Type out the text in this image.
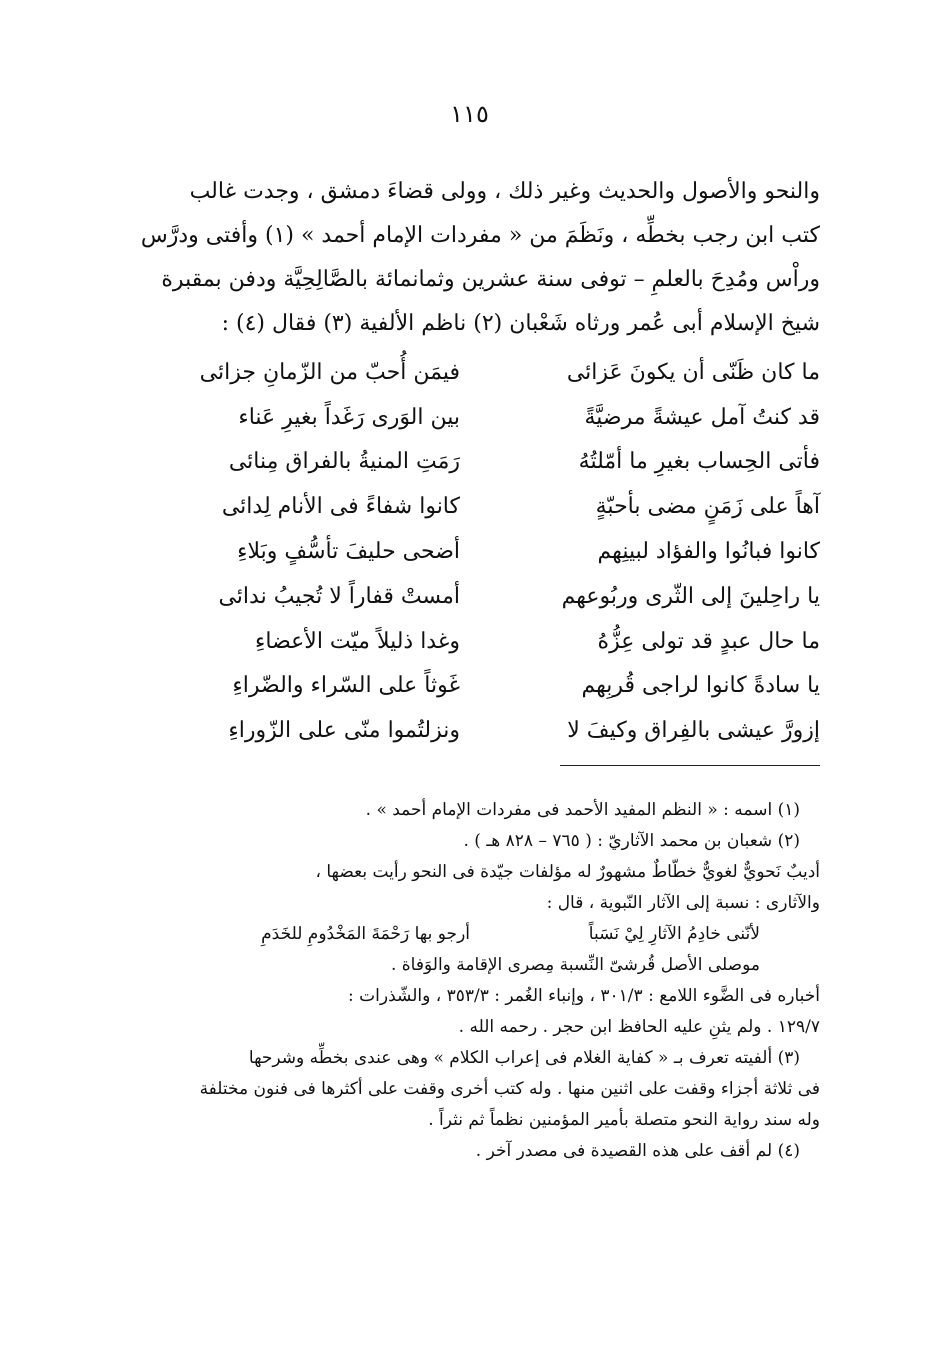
١١٥
والنحو والأصول والحديث وغير ذلك ، وولى قضاءَ دمشق ، وجدت غالب
كتب ابن رجب بخطِّه ، ونَظَمَ من « مفردات الإمام أحمد » (١) وأفتى ودرَّس
وراْس ومُدِحَ بالعلمِ – توفى سنة عشرين وثمانمائة بالصَّالِحِيَّة ودفن بمقبرة
شيخ الإسلام أبى عُمر ورثاه شَعْبان (٢) ناظم الألفية (٣) فقال (٤) :
ما كان ظَنّى أن يكونَ عَزائى
فيمَن أُحبّ من الزّمانِ جزائى
قد كنتُ آمل عيشةً مرضيَّةً
بين الوَرى رَغَداً بغيرِ عَناء
فأتى الحِساب بغيرِ ما أمّلتُهُ
رَمَتِ المنيةُ بالفراق مِنائى
آهاً على زَمَنٍ مضى بأحبّةٍ
كانوا شفاءً فى الأنام لِدائى
كانوا فبانُوا والفؤاد لبينِهم
أضحى حليفَ تأسُّفٍ وبَلاءِ
يا راحِلينَ إلى الثّرى وربُوعهم
أمستْ قفاراً لا تُجيبُ ندائى
ما حال عبدٍ قد تولى عِزُّهُ
وغدا ذليلاً ميّت الأعضاءِ
يا سادةً كانوا لراجى قُربِهم
غَوثاً على السّراء والضّراءِ
إزورَّ عيشى بالفِراق وكيفَ لا
ونزلتُموا منّى على الزّوراءِ
(١) اسمه : « النظم المفيد الأحمد فى مفردات الإمام أحمد » .
(٢) شعبان بن محمد الآثاريّ : ( ٧٦٥ – ٨٢٨ هـ ) .
أديبٌ نَحويٌّ لغويٌّ خطّاطٌ مشهورٌ له مؤلفات جيّدة فى النحو رأيت بعضها ،
والآثارى : نسبة إلى الآثار النّبوية ، قال :
لأنّنى خادِمُ الآثارِ لِيْ نَسَباً
أرجو بها رَحْمَةَ المَخْدُومِ للخَدَمِ
موصلى الأصل قُرشىّ النِّسبة مِصرى الإقامة والوَفاة .
أخباره فى الضَّوء اللامع : ٣٠١/٣ ، وإنباء الغُمر : ٣٥٣/٣ ، والشّذرات :
١٢٩/٧ . ولم يثنِ عليه الحافظ ابن حجر . رحمه الله .
(٣) ألفيته تعرف بـ « كفاية الغلام فى إعراب الكلام » وهى عندى بخطِّه وشرحها
فى ثلاثة أجزاء وقفت على اثنين منها . وله كتب أخرى وقفت على أكثرها فى فنون مختلفة
وله سند رواية النحو متصلة بأمير المؤمنين نظماً ثم نثراً .
(٤) لم أقف على هذه القصيدة فى مصدر آخر .
